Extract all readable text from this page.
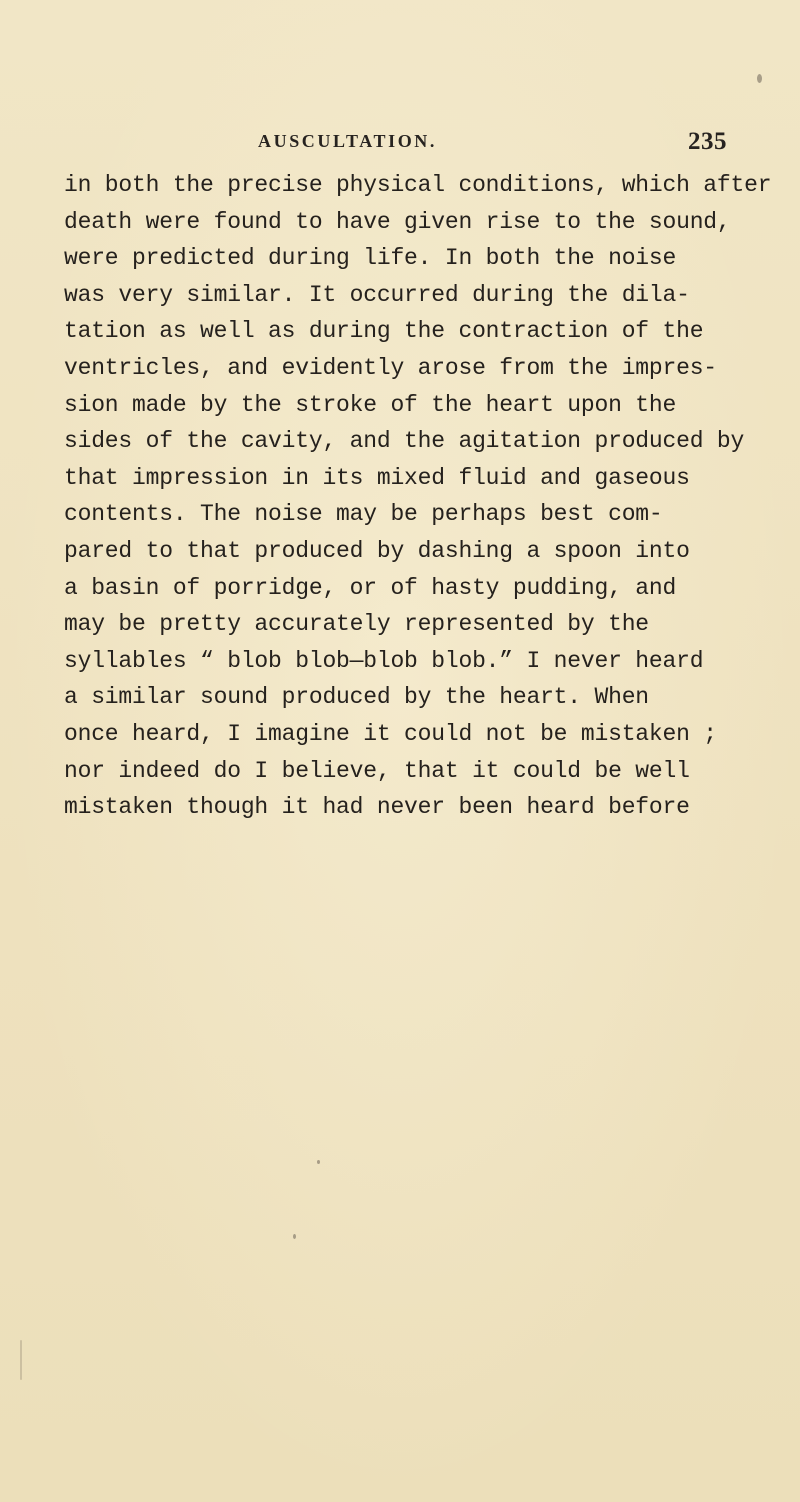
AUSCULTATION.	235
in both the precise physical conditions, which after
death were found to have given rise to the sound,
were predicted during life. In both the noise
was very similar. It occurred during the dila-
tation as well as during the contraction of the
ventricles, and evidently arose from the impres-
sion made by the stroke of the heart upon the
sides of the cavity, and the agitation produced by
that impression in its mixed fluid and gaseous
contents. The noise may be perhaps best com-
pared to that produced by dashing a spoon into
a basin of porridge, or of hasty pudding, and
may be pretty accurately represented by the
syllables “ blob blob—blob blob.” I never heard
a similar sound produced by the heart. When
once heard, I imagine it could not be mistaken ;
nor indeed do I believe, that it could be well
mistaken though it had never been heard before
